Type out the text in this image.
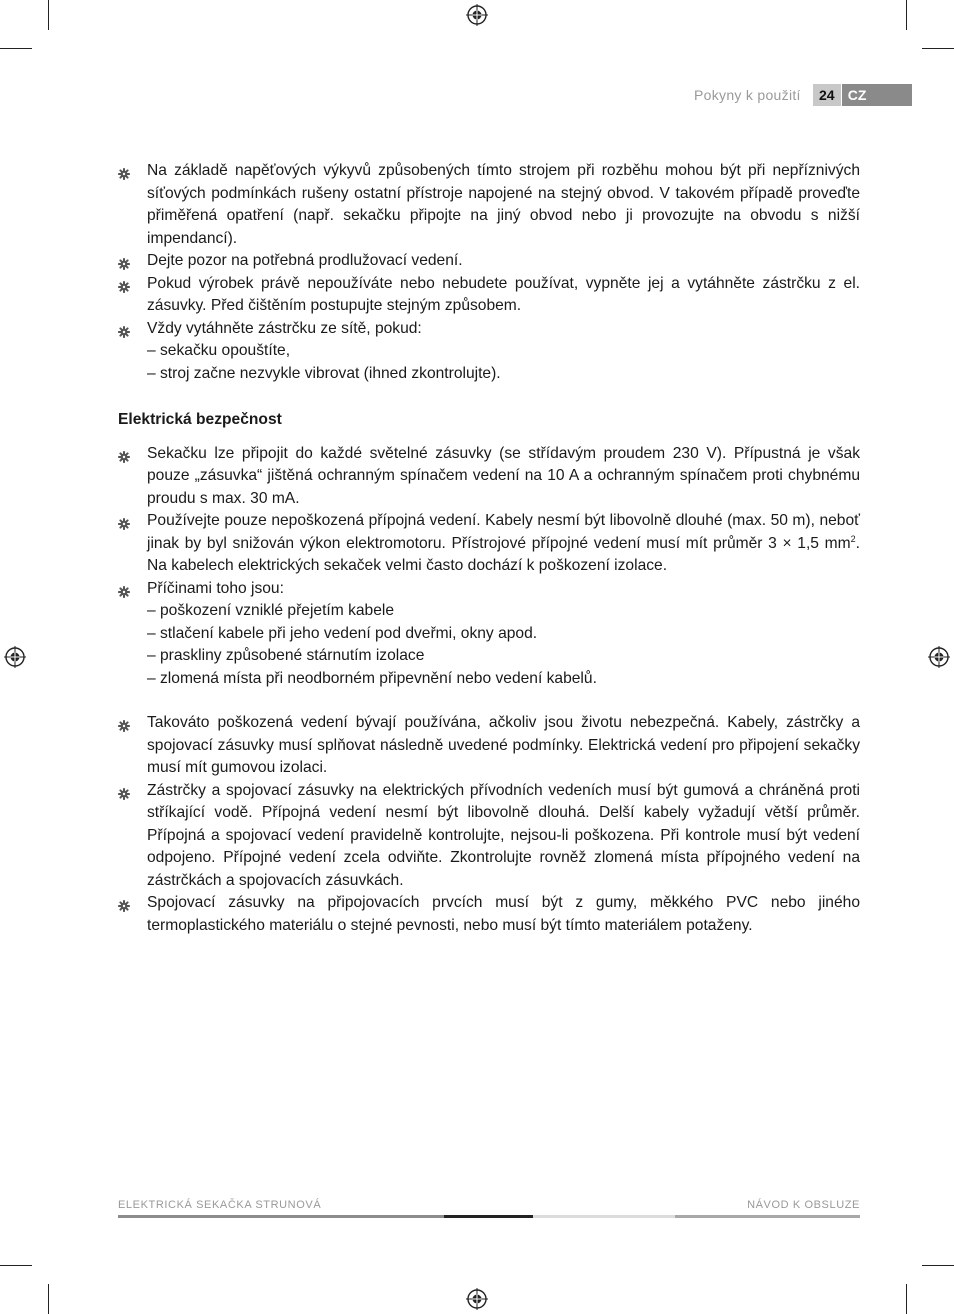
Pokyny k použití	24 CZ
Na základě napěťových výkyvů způsobených tímto strojem při rozběhu mohou být při nepříznivých síťových podmínkách rušeny ostatní přístroje napojené na stejný obvod. V takovém případě proveďte přiměřená opatření (např. sekačku připojte na jiný obvod nebo ji provozujte na obvodu s nižší impendancí).
Dejte pozor na potřebná prodlužovací vedení.
Pokud výrobek právě nepoužíváte nebo nebudete používat, vypněte jej a vytáhněte zástrčku z el. zásuvky. Před čištěním postupujte stejným způsobem.
Vždy vytáhněte zástrčku ze sítě, pokud:
– sekačku opouštíte,
– stroj začne nezvykle vibrovat (ihned zkontrolujte).
Elektrická bezpečnost
Sekačku lze připojit do každé světelné zásuvky (se střídavým proudem 230 V). Přípustná je však pouze „zásuvka“ jištěná ochranným spínačem vedení na 10 A a ochranným spínačem proti chybnému proudu s max. 30 mA.
Používejte pouze nepoškozená přípojná vedení. Kabely nesmí být libovolně dlouhé (max. 50 m), neboť jinak by byl snižován výkon elektromotoru. Přístrojové přípojné vedení musí mít průměr 3 × 1,5 $mm^2$. Na kabelech elektrických sekaček velmi často dochází k poškození izolace.
Příčinami toho jsou:
– poškození vzniklé přejetím kabele
– stlačení kabele při jeho vedení pod dveřmi, okny apod.
– praskliny způsobené stárnutím izolace
– zlomená místa při neodborném připevnění nebo vedení kabelů.
Takováto poškozená vedení bývají používána, ačkoliv jsou životu nebezpečná. Kabely, zástrčky a spojovací zásuvky musí splňovat následně uvedené podmínky. Elektrická vedení pro připojení sekačky musí mít gumovou izolaci.
Zástrčky a spojovací zásuvky na elektrických přívodních vedeních musí být gumová a chráněná proti stříkající vodě. Přípojná vedení nesmí být libovolně dlouhá. Delší kabely vyžadují větší průměr. Přípojná a spojovací vedení pravidelně kontrolujte, nejsou-li poškozena. Při kontrole musí být vedení odpojeno. Přípojné vedení zcela odviňte. Zkontrolujte rovněž zlomená místa přípojného vedení na zástrčkách a spojovacích zásuvkách.
Spojovací zásuvky na připojovacích prvcích musí být z gumy, měkkého PVC nebo jiného termoplastického materiálu o stejné pevnosti, nebo musí být tímto materiálem potaženy.
ELEKTRICKÁ SEKAČKA STRUNOVÁ	NÁVOD K OBSLUZE
